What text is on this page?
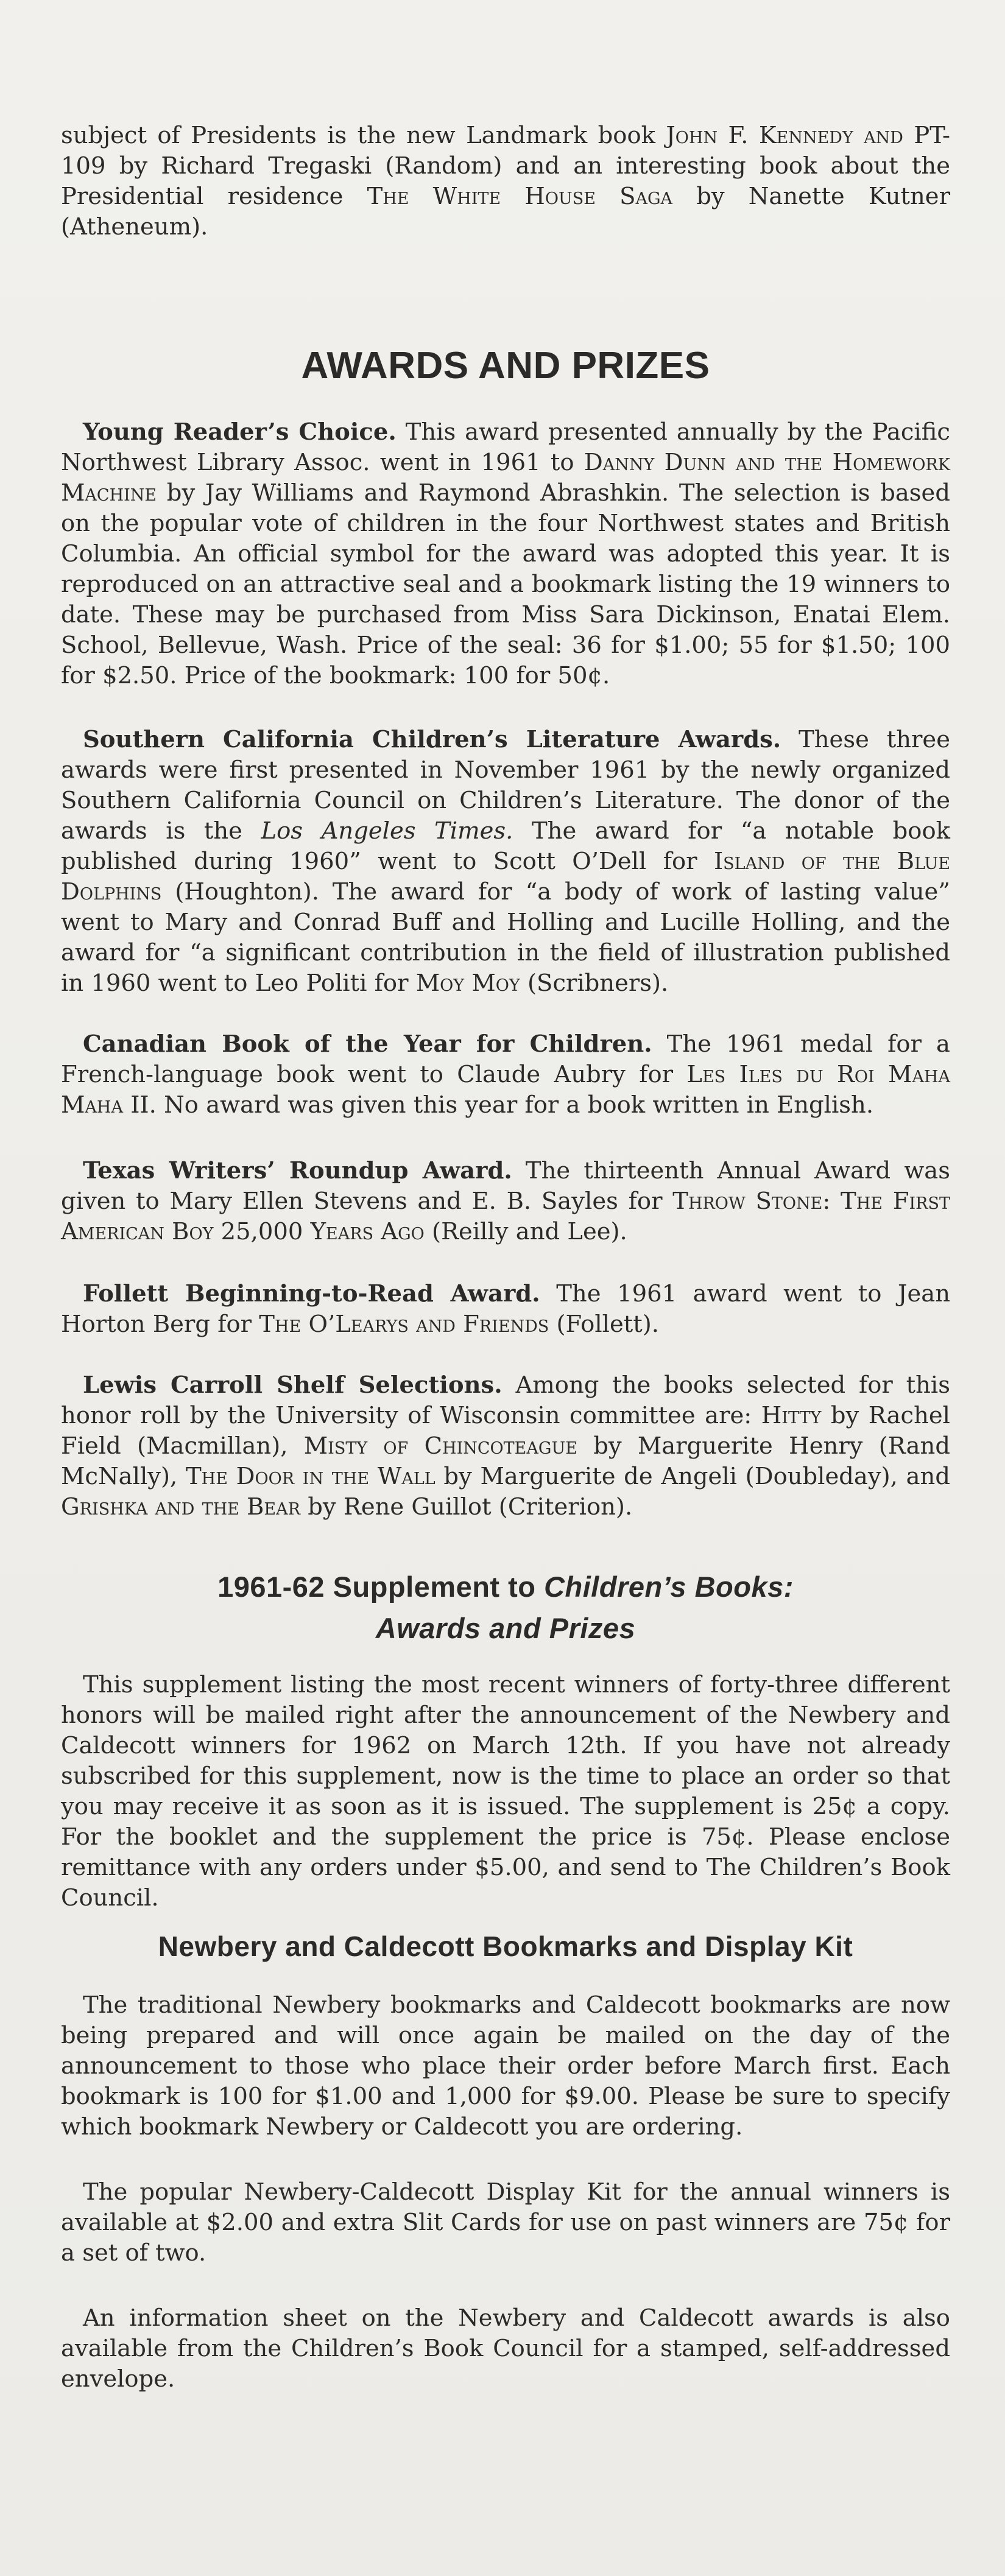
subject of Presidents is the new Landmark book John F. Kennedy and PT-109 by Richard Tregaski (Random) and an interesting book about the Presidential residence The White House Saga by Nanette Kutner (Atheneum).

AWARDS AND PRIZES

Young Reader’s Choice. This award presented annually by the Pacific Northwest Library Assoc. went in 1961 to Danny Dunn and the Homework Machine by Jay Williams and Raymond Abrashkin. The selection is based on the popular vote of children in the four Northwest states and British Columbia. An official symbol for the award was adopted this year. It is reproduced on an attractive seal and a bookmark listing the 19 winners to date. These may be purchased from Miss Sara Dickinson, Enatai Elem. School, Bellevue, Wash. Price of the seal: 36 for $1.00; 55 for $1.50; 100 for $2.50. Price of the bookmark: 100 for 50¢.

Southern California Children’s Literature Awards. These three awards were first presented in November 1961 by the newly organized Southern California Council on Children’s Literature. The donor of the awards is the Los Angeles Times. The award for “a notable book published during 1960” went to Scott O’Dell for Island of the Blue Dolphins (Houghton). The award for “a body of work of lasting value” went to Mary and Conrad Buff and Holling and Lucille Holling, and the award for “a significant contribution in the field of illustration published in 1960 went to Leo Politi for Moy Moy (Scribners).

Canadian Book of the Year for Children. The 1961 medal for a French-language book went to Claude Aubry for Les Iles du Roi Maha Maha II. No award was given this year for a book written in English.

Texas Writers’ Roundup Award. The thirteenth Annual Award was given to Mary Ellen Stevens and E. B. Sayles for Throw Stone: The First American Boy 25,000 Years Ago (Reilly and Lee).

Follett Beginning-to-Read Award. The 1961 award went to Jean Horton Berg for The O’Learys and Friends (Follett).

Lewis Carroll Shelf Selections. Among the books selected for this honor roll by the University of Wisconsin committee are: Hitty by Rachel Field (Macmillan), Misty of Chincoteague by Marguerite Henry (Rand McNally), The Door in the Wall by Marguerite de Angeli (Doubleday), and Grishka and the Bear by Rene Guillot (Criterion).

1961-62 Supplement to Children’s Books:
Awards and Prizes

This supplement listing the most recent winners of forty-three different honors will be mailed right after the announcement of the Newbery and Caldecott winners for 1962 on March 12th. If you have not already subscribed for this supplement, now is the time to place an order so that you may receive it as soon as it is issued. The supplement is 25¢ a copy. For the booklet and the supplement the price is 75¢. Please enclose remittance with any orders under $5.00, and send to The Children’s Book Council.

Newbery and Caldecott Bookmarks and Display Kit

The traditional Newbery bookmarks and Caldecott bookmarks are now being prepared and will once again be mailed on the day of the announcement to those who place their order before March first. Each bookmark is 100 for $1.00 and 1,000 for $9.00. Please be sure to specify which bookmark Newbery or Caldecott you are ordering.

The popular Newbery-Caldecott Display Kit for the annual winners is available at $2.00 and extra Slit Cards for use on past winners are 75¢ for a set of two.

An information sheet on the Newbery and Caldecott awards is also available from the Children’s Book Council for a stamped, self-addressed envelope.
